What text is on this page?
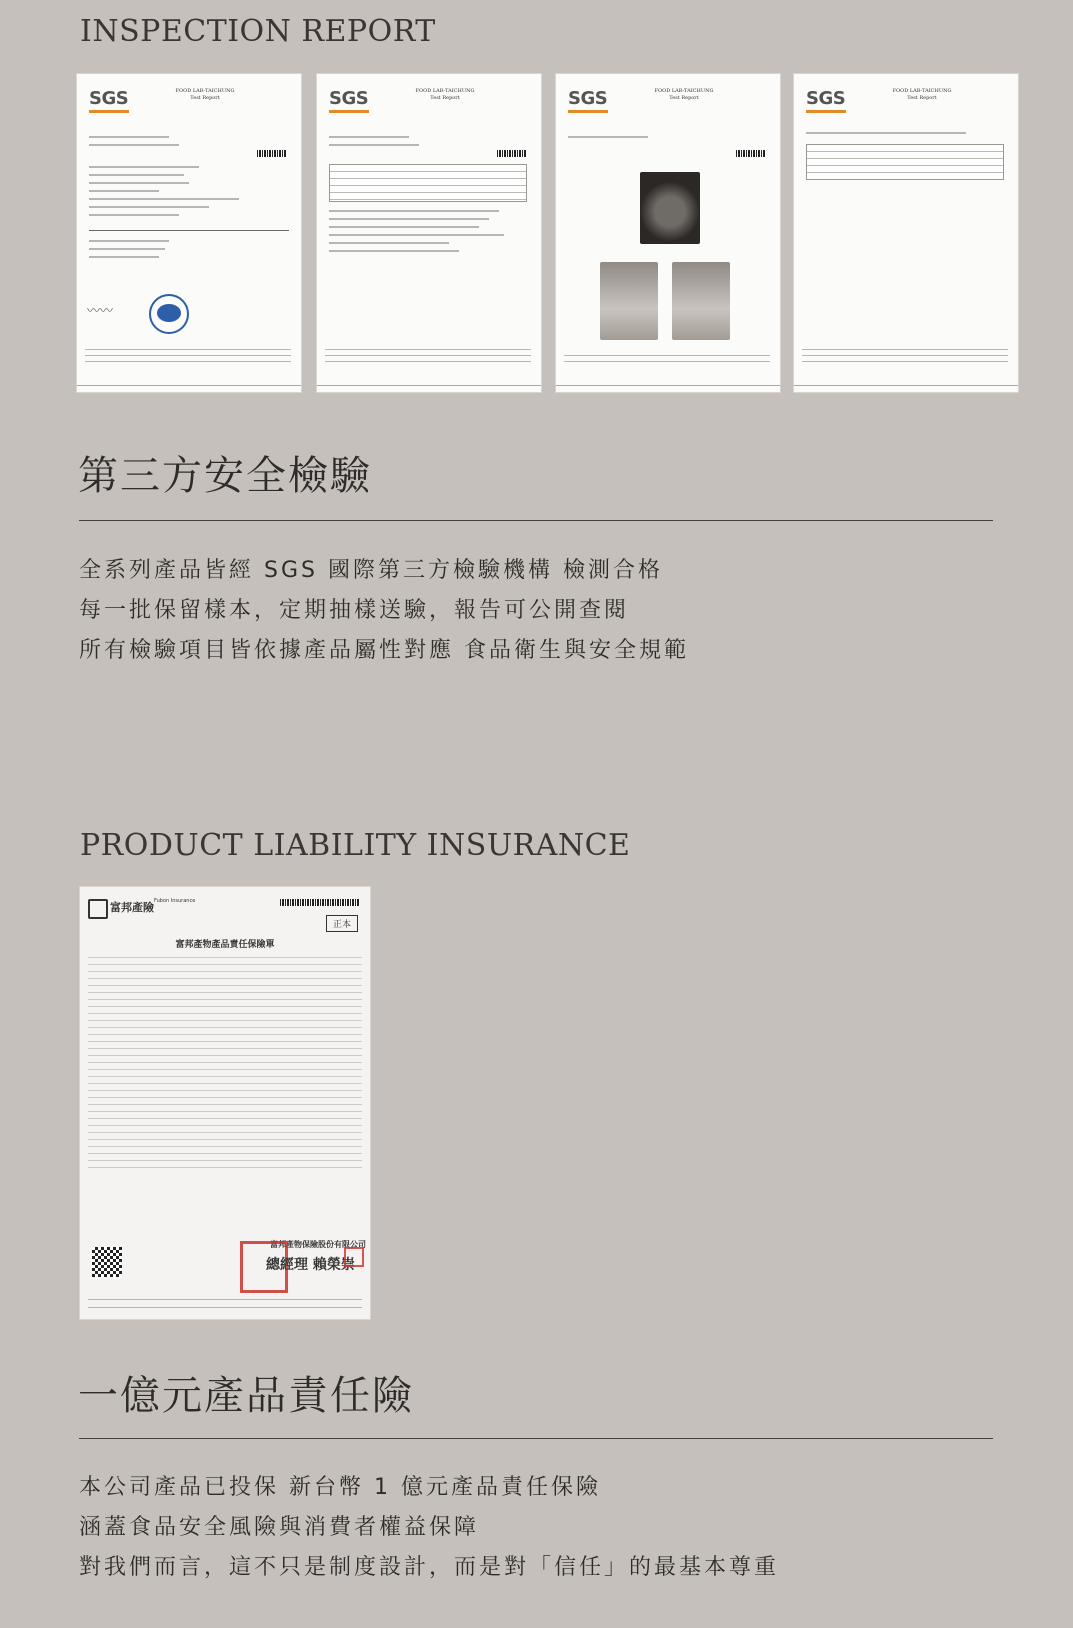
INSPECTION REPORT
SGS	FOOD LAB-TAICHUNG
Test Report
〰〰
SGS	FOOD LAB-TAICHUNG
Test Report	SGS	FOOD LAB-TAICHUNG
Test Report	SGS	FOOD LAB-TAICHUNG
Test Report
第三方安全檢驗
全系列產品皆經 SGS 國際第三方檢驗機構 檢測合格
每一批保留樣本，定期抽樣送驗，報告可公開查閱
所有檢驗項目皆依據產品屬性對應 食品衛生與安全規範
PRODUCT LIABILITY INSURANCE
富邦產險 Fubon Insurance
正本
富邦產物產品責任保險單
富邦產物保險股份有限公司
總經理 賴榮崇
一億元產品責任險
本公司產品已投保 新台幣 1 億元產品責任保險
涵蓋食品安全風險與消費者權益保障
對我們而言，這不只是制度設計，而是對「信任」的最基本尊重
